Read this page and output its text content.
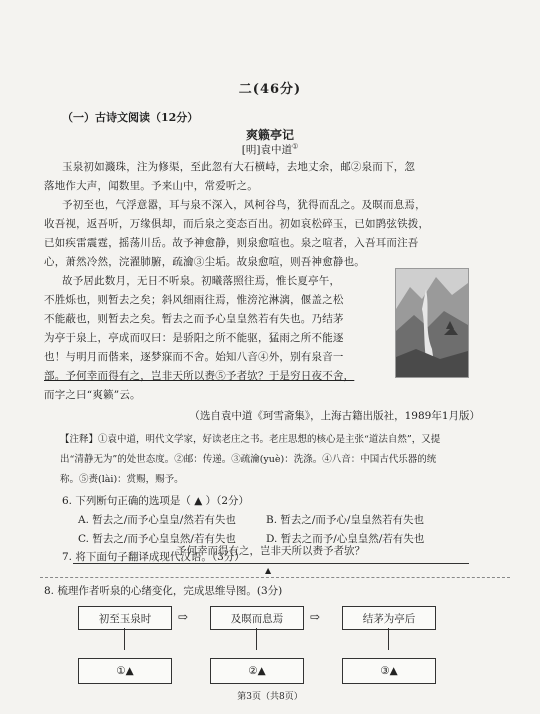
二(46分)
（一）古诗文阅读（12分）
爽籁亭记
[明]袁中道①
玉泉初如濺珠，注为修渠，至此忽有大石横峙，去地丈余，邮②泉而下，忽
落地作大声，闻数里。予来山中，常爱听之。
予初至也，气浮意嚣，耳与泉不深入，风柯谷鸟，犹得而乱之。及暝而息焉，
收吾视，返吾听，万缘俱却，而后泉之变态百出。初如哀松碎玉，已如鹍弦铁拨，
已如疾雷震霆，摇荡川岳。故予神愈静，则泉愈喧也。泉之喧者，入吾耳而注吾
心，萧然冷然，浣濯肺腑，疏瀹③尘垢。故泉愈喧，则吾神愈静也。
故予居此数月，无日不听泉。初曦落照往焉，惟长夏亭午，
不胜烁也，则暂去之矣；斜风细雨往焉，惟滂沱淋漓，偃盖之松
不能蔽也，则暂去之矣。暂去之而予心皇皇然若有失也。乃结茅
为亭于泉上，亭成而叹曰：是骄阳之所不能驱，猛雨之所不能逐
也！与明月而偕来，逐梦寐而不舍。始知八音④外，别有泉音一
部。予何幸而得有之，岂非天所以赉⑤予者欤？于是穷日夜不舍，
而字之曰“爽籁”云。
（选自袁中道《珂雪斋集》，上海古籍出版社，1989年1月版）
【注释】①袁中道，明代文学家，好读老庄之书。老庄思想的核心是主张“道法自然”，又提
出“清静无为”的处世态度。②邮：传递。③疏瀹(yuè)：洗涤。④八音：中国古代乐器的统
称。⑤赉(lài)：赏赐，赐予。
6. 下列断句正确的选项是（ ▲ ）（2分）
A. 暂去之/而予心皇皇/然若有失也	B. 暂去之/而予心/皇皇然若有失也
C. 暂去之/而予心皇皇然/若有失也	D. 暂去之而予/心皇皇然/若有失也
7. 将下面句子翻译成现代汉语。（3分）
予何幸而得有之，岂非天所以赉予者欤？
▲
8. 梳理作者听泉的心绪变化，完成思维导图。(3分)
初至玉泉时	⇨	及暝而息焉	⇨	结茅为亭后
①▲	②▲	③▲
第3页（共8页）
